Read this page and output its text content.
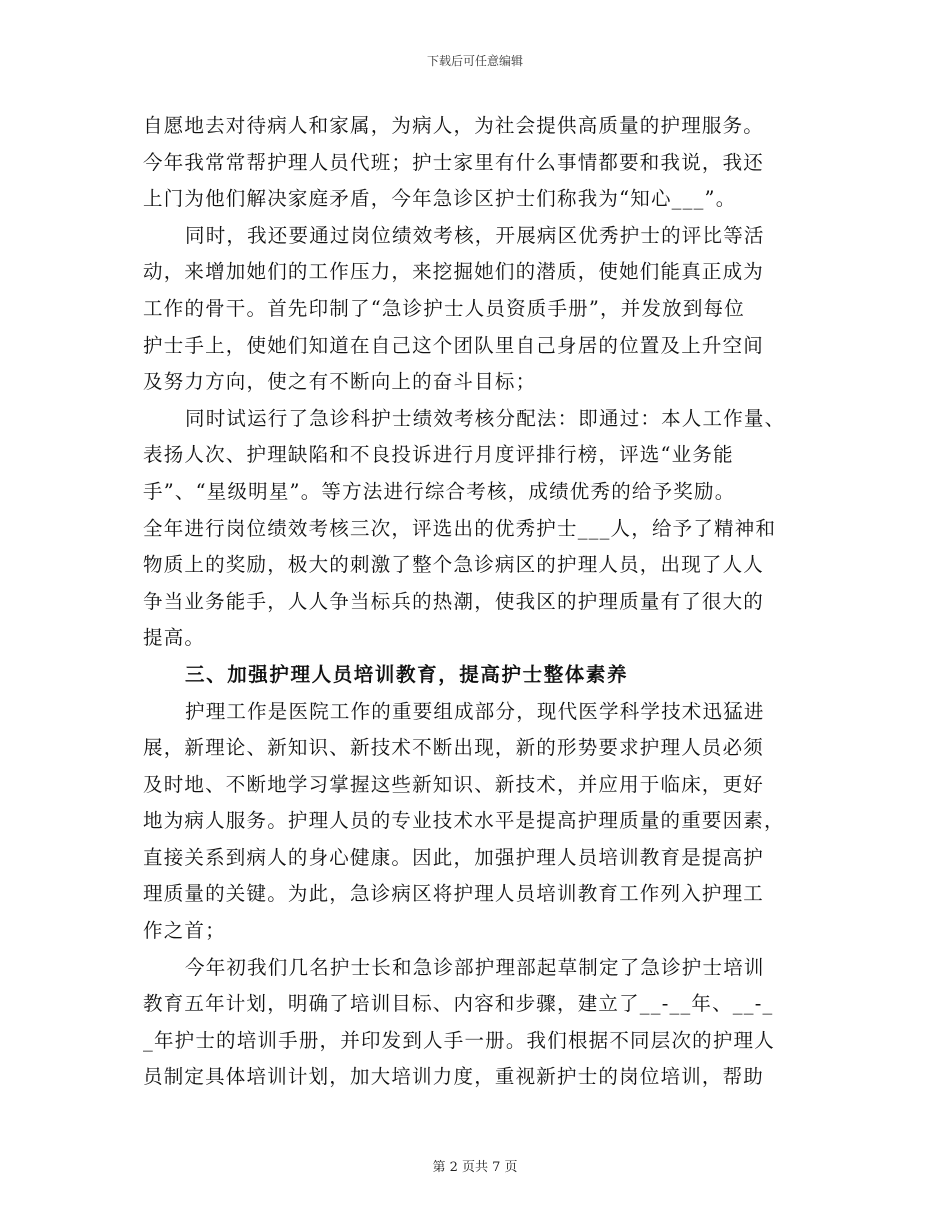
下载后可任意编辑

自愿地去对待病人和家属，为病人，为社会提供高质量的护理服务。

今年我常常帮护理人员代班；护士家里有什么事情都要和我说，我还

上门为他们解决家庭矛盾，今年急诊区护士们称我为“知心___”。

同时，我还要通过岗位绩效考核，开展病区优秀护士的评比等活

动，来增加她们的工作压力，来挖掘她们的潜质，使她们能真正成为

工作的骨干。首先印制了“急诊护士人员资质手册”，并发放到每位

护士手上，使她们知道在自己这个团队里自己身居的位置及上升空间

及努力方向，使之有不断向上的奋斗目标；

同时试运行了急诊科护士绩效考核分配法：即通过：本人工作量、

表扬人次、护理缺陷和不良投诉进行月度评排行榜，评选“业务能

手”、“星级明星”。等方法进行综合考核，成绩优秀的给予奖励。

全年进行岗位绩效考核三次，评选出的优秀护士___人，给予了精神和

物质上的奖励，极大的刺激了整个急诊病区的护理人员，出现了人人

争当业务能手，人人争当标兵的热潮，使我区的护理质量有了很大的

提高。

三、加强护理人员培训教育，提高护士整体素养

护理工作是医院工作的重要组成部分，现代医学科学技术迅猛进

展，新理论、新知识、新技术不断出现，新的形势要求护理人员必须

及时地、不断地学习掌握这些新知识、新技术，并应用于临床，更好

地为病人服务。护理人员的专业技术水平是提高护理质量的重要因素，

直接关系到病人的身心健康。因此，加强护理人员培训教育是提高护

理质量的关键。为此，急诊病区将护理人员培训教育工作列入护理工

作之首；

今年初我们几名护士长和急诊部护理部起草制定了急诊护士培训

教育五年计划，明确了培训目标、内容和步骤，建立了__-__年、__-_

_年护士的培训手册，并印发到人手一册。我们根据不同层次的护理人

员制定具体培训计划，加大培训力度，重视新护士的岗位培训，帮助

第 2 页共 7 页
